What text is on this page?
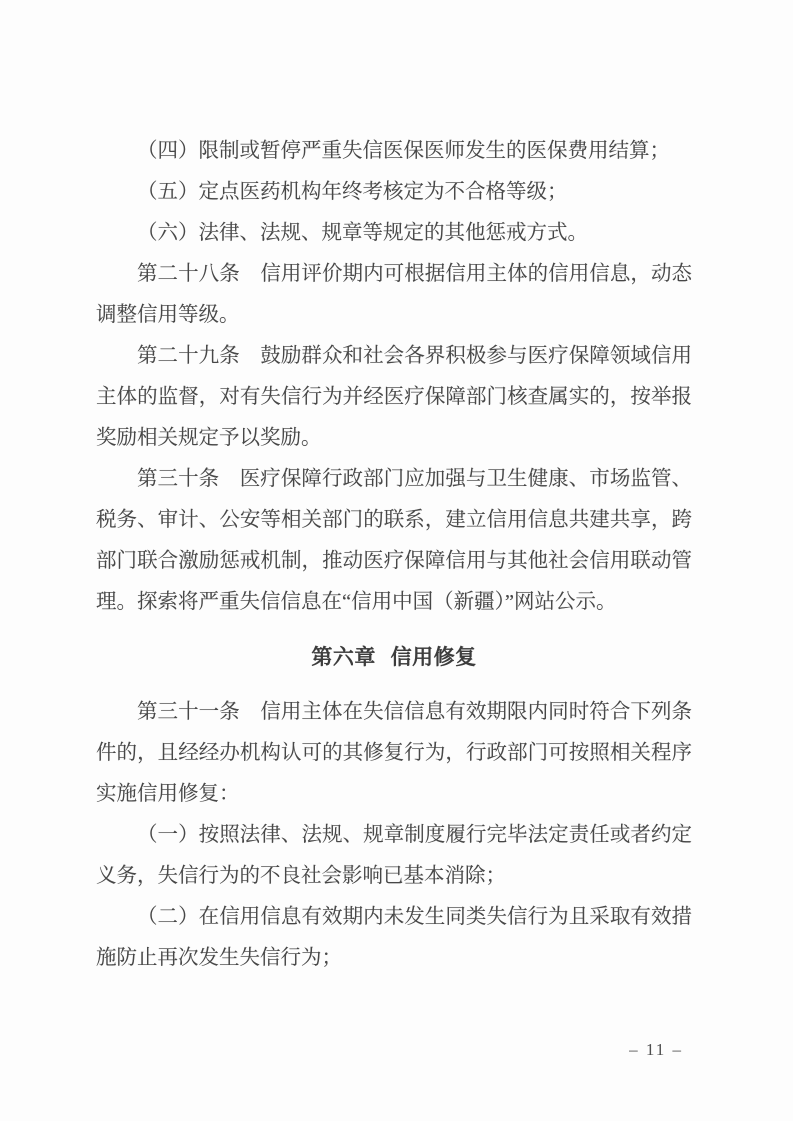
（四）限制或暂停严重失信医保医师发生的医保费用结算；

（五）定点医药机构年终考核定为不合格等级；

（六）法律、法规、规章等规定的其他惩戒方式。

第二十八条 信用评价期内可根据信用主体的信用信息，动态调整信用等级。

第二十九条 鼓励群众和社会各界积极参与医疗保障领域信用主体的监督，对有失信行为并经医疗保障部门核查属实的，按举报奖励相关规定予以奖励。

第三十条 医疗保障行政部门应加强与卫生健康、市场监管、税务、审计、公安等相关部门的联系，建立信用信息共建共享，跨部门联合激励惩戒机制，推动医疗保障信用与其他社会信用联动管理。探索将严重失信信息在“信用中国（新疆）”网站公示。

第六章 信用修复

第三十一条 信用主体在失信信息有效期限内同时符合下列条件的，且经经办机构认可的其修复行为，行政部门可按照相关程序实施信用修复：

（一）按照法律、法规、规章制度履行完毕法定责任或者约定义务，失信行为的不良社会影响已基本消除；

（二）在信用信息有效期内未发生同类失信行为且采取有效措施防止再次发生失信行为；

– 11 –
